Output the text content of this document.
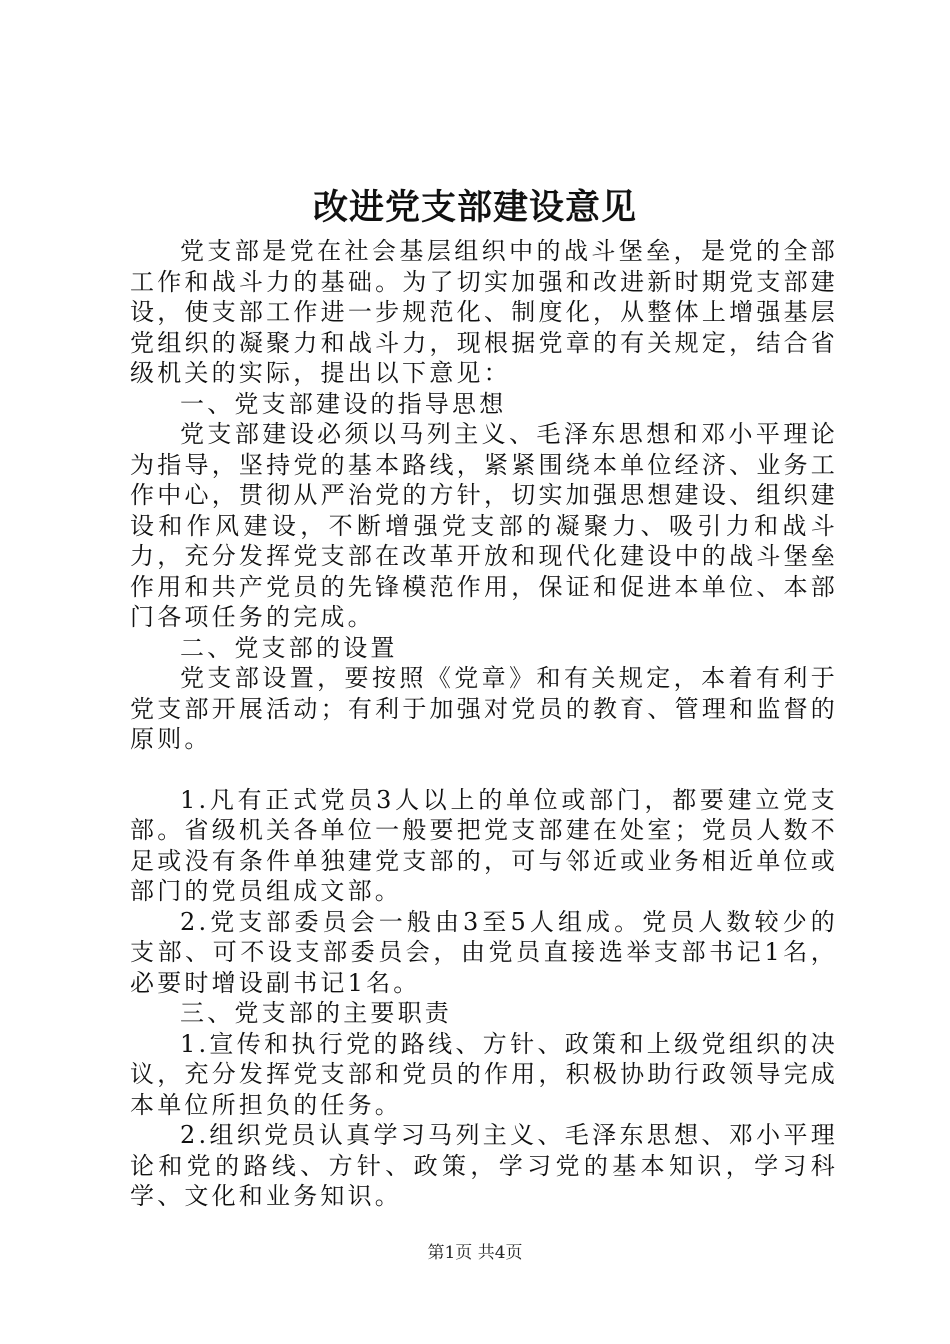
改进党支部建设意见

党支部是党在社会基层组织中的战斗堡垒，是党的全部工作和战斗力的基础。为了切实加强和改进新时期党支部建设，使支部工作进一步规范化、制度化，从整体上增强基层党组织的凝聚力和战斗力，现根据党章的有关规定，结合省级机关的实际，提出以下意见：

一、党支部建设的指导思想

党支部建设必须以马列主义、毛泽东思想和邓小平理论为指导，坚持党的基本路线，紧紧围绕本单位经济、业务工作中心，贯彻从严治党的方针，切实加强思想建设、组织建设和作风建设，不断增强党支部的凝聚力、吸引力和战斗力，充分发挥党支部在改革开放和现代化建设中的战斗堡垒作用和共产党员的先锋模范作用，保证和促进本单位、本部门各项任务的完成。

二、党支部的设置

党支部设置，要按照《党章》和有关规定，本着有利于党支部开展活动；有利于加强对党员的教育、管理和监督的原则。

1.凡有正式党员3人以上的单位或部门，都要建立党支部。省级机关各单位一般要把党支部建在处室；党员人数不足或没有条件单独建党支部的，可与邻近或业务相近单位或部门的党员组成文部。

2.党支部委员会一般由3至5人组成。党员人数较少的支部、可不设支部委员会，由党员直接选举支部书记1名，必要时增设副书记1名。

三、党支部的主要职责

1.宣传和执行党的路线、方针、政策和上级党组织的决议，充分发挥党支部和党员的作用，积极协助行政领导完成本单位所担负的任务。

2.组织党员认真学习马列主义、毛泽东思想、邓小平理论和党的路线、方针、政策，学习党的基本知识，学习科学、文化和业务知识。

第1页 共4页
